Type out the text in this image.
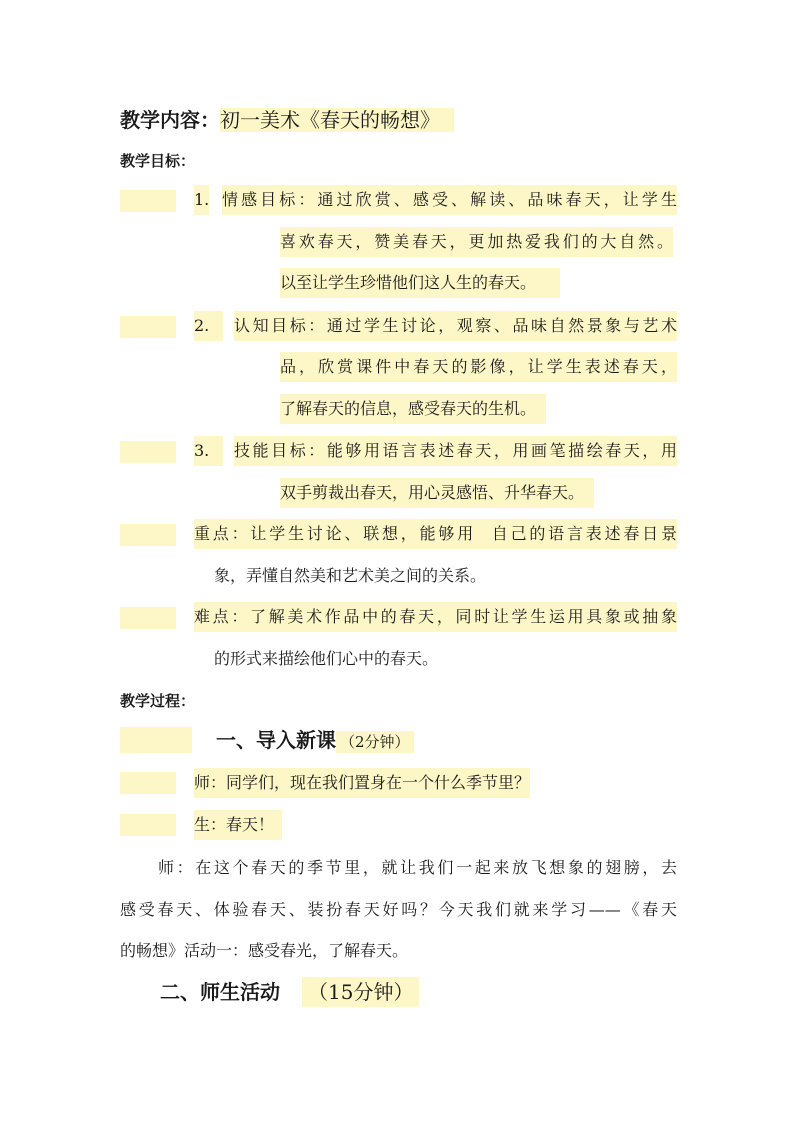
教学内容：初一美术《春天的畅想》
教学目标：
1. 情感目标：通过欣赏、感受、解读、品味春天，让学生
喜欢春天，赞美春天，更加热爱我们的大自然。
以至让学生珍惜他们这人生的春天。
2.	认知目标：通过学生讨论，观察、品味自然景象与艺术
品，欣赏课件中春天的影像，让学生表述春天，
了解春天的信息，感受春天的生机。
3.	技能目标：能够用语言表述春天，用画笔描绘春天，用
双手剪裁出春天，用心灵感悟、升华春天。
重点：让学生讨论、联想，能够用  自己的语言表述春日景
象，弄懂自然美和艺术美之间的关系。
难点：了解美术作品中的春天，同时让学生运用具象或抽象
的形式来描绘他们心中的春天。
教学过程：
一、导入新课 （2分钟）
师：同学们，现在我们置身在一个什么季节里？
生：春天！
师：在这个春天的季节里，就让我们一起来放飞想象的翅膀，去
感受春天、体验春天、装扮春天好吗？今天我们就来学习——《春天
的畅想》活动一：感受春光，了解春天。
二、师生活动 （15分钟）
